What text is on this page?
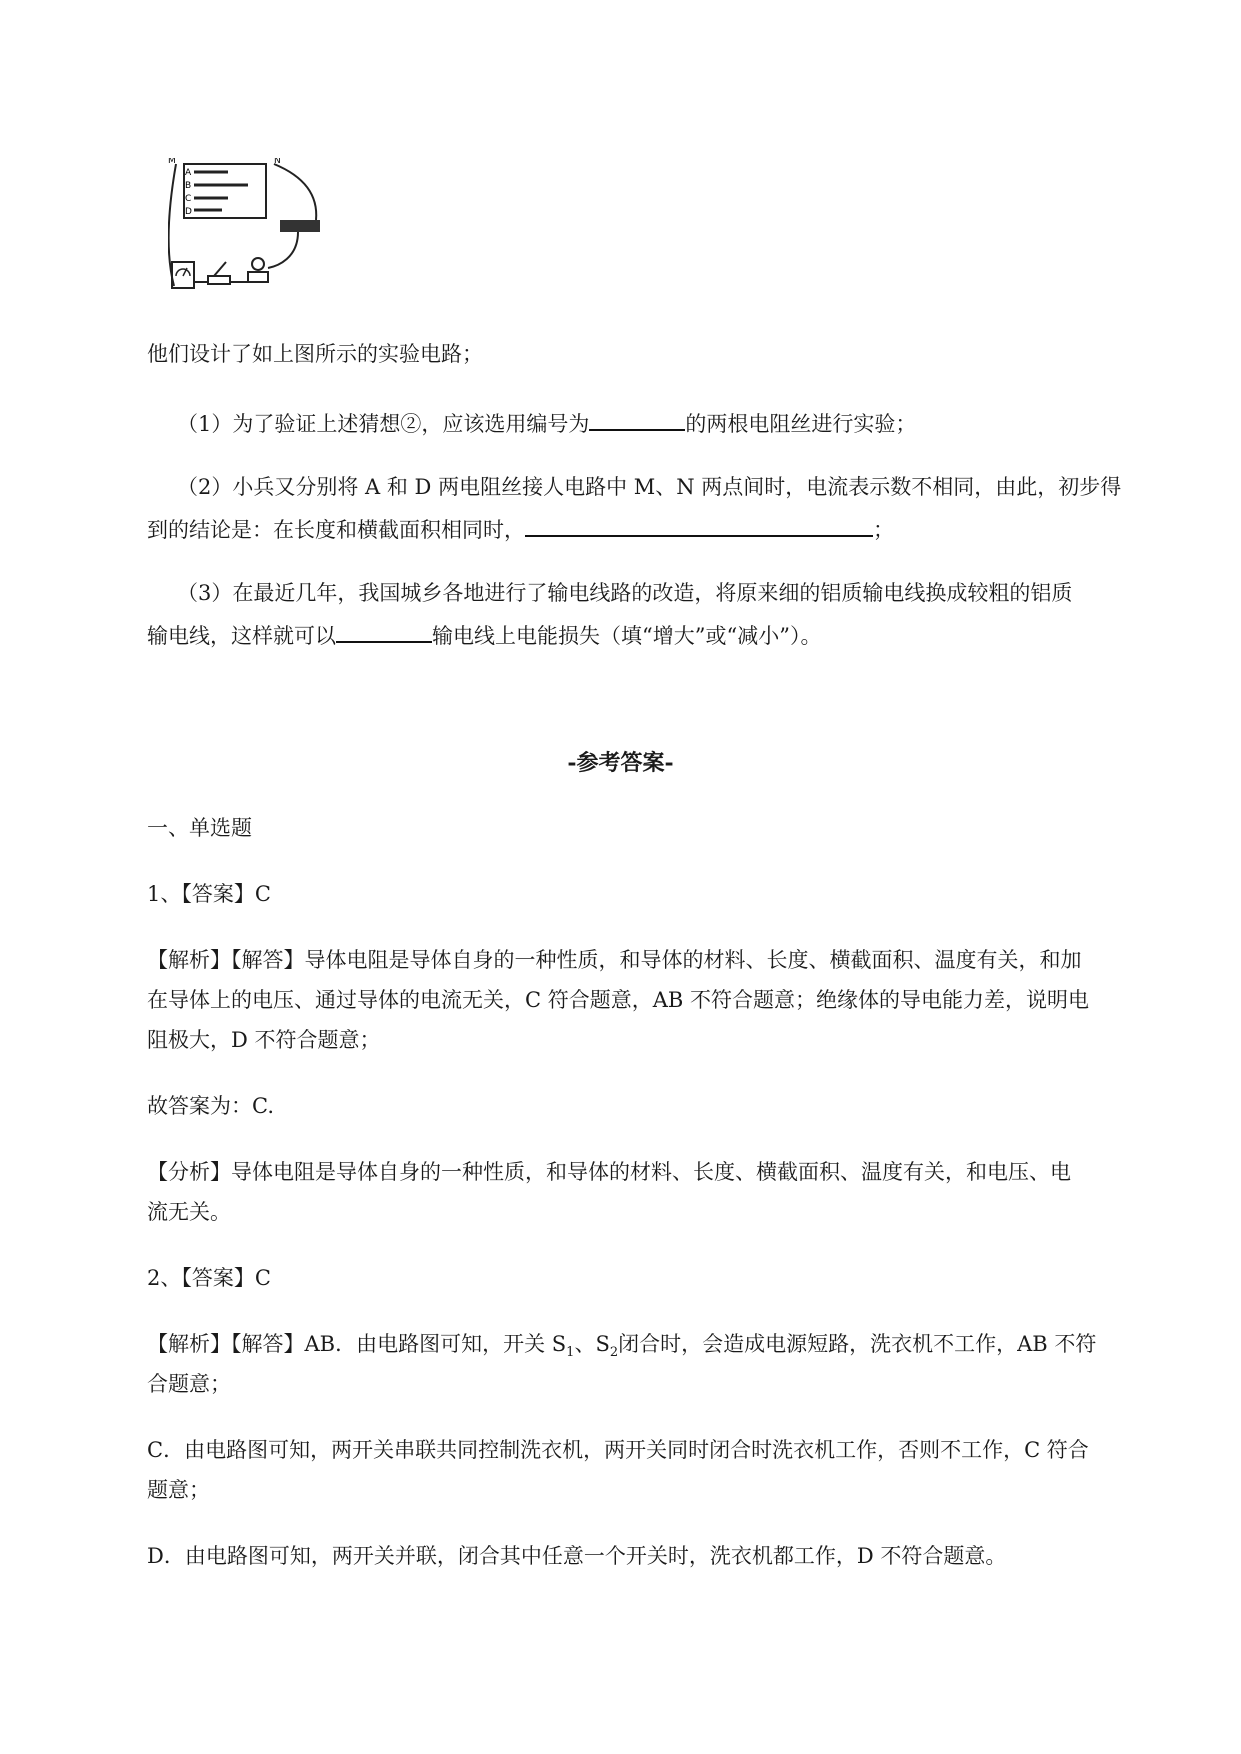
A
B
C
D
M	N
他们设计了如上图所示的实验电路；
（1）为了验证上述猜想②，应该选用编号为	的两根电阻丝进行实验；
（2）小兵又分别将 A 和 D 两电阻丝接人电路中 M、N 两点间时，电流表示数不相同，由此，初步得
到的结论是：在长度和横截面积相同时，	；
（3）在最近几年，我国城乡各地进行了输电线路的改造，将原来细的铝质输电线换成较粗的铝质
输电线，这样就可以	输电线上电能损失（填“增大”或“减小”）。
-参考答案-
一、单选题
1、【答案】C
【解析】【解答】导体电阻是导体自身的一种性质，和导体的材料、长度、横截面积、温度有关，和加
在导体上的电压、通过导体的电流无关，C 符合题意，AB 不符合题意；绝缘体的导电能力差，说明电
阻极大，D 不符合题意；
故答案为：C.
【分析】导体电阻是导体自身的一种性质，和导体的材料、长度、横截面积、温度有关，和电压、电
流无关。
2、【答案】C
【解析】【解答】AB．由电路图可知，开关 $S_1$、$S_2$闭合时，会造成电源短路，洗衣机不工作，AB 不符
合题意；
C．由电路图可知，两开关串联共同控制洗衣机，两开关同时闭合时洗衣机工作，否则不工作，C 符合
题意；
D．由电路图可知，两开关并联，闭合其中任意一个开关时，洗衣机都工作，D 不符合题意。
